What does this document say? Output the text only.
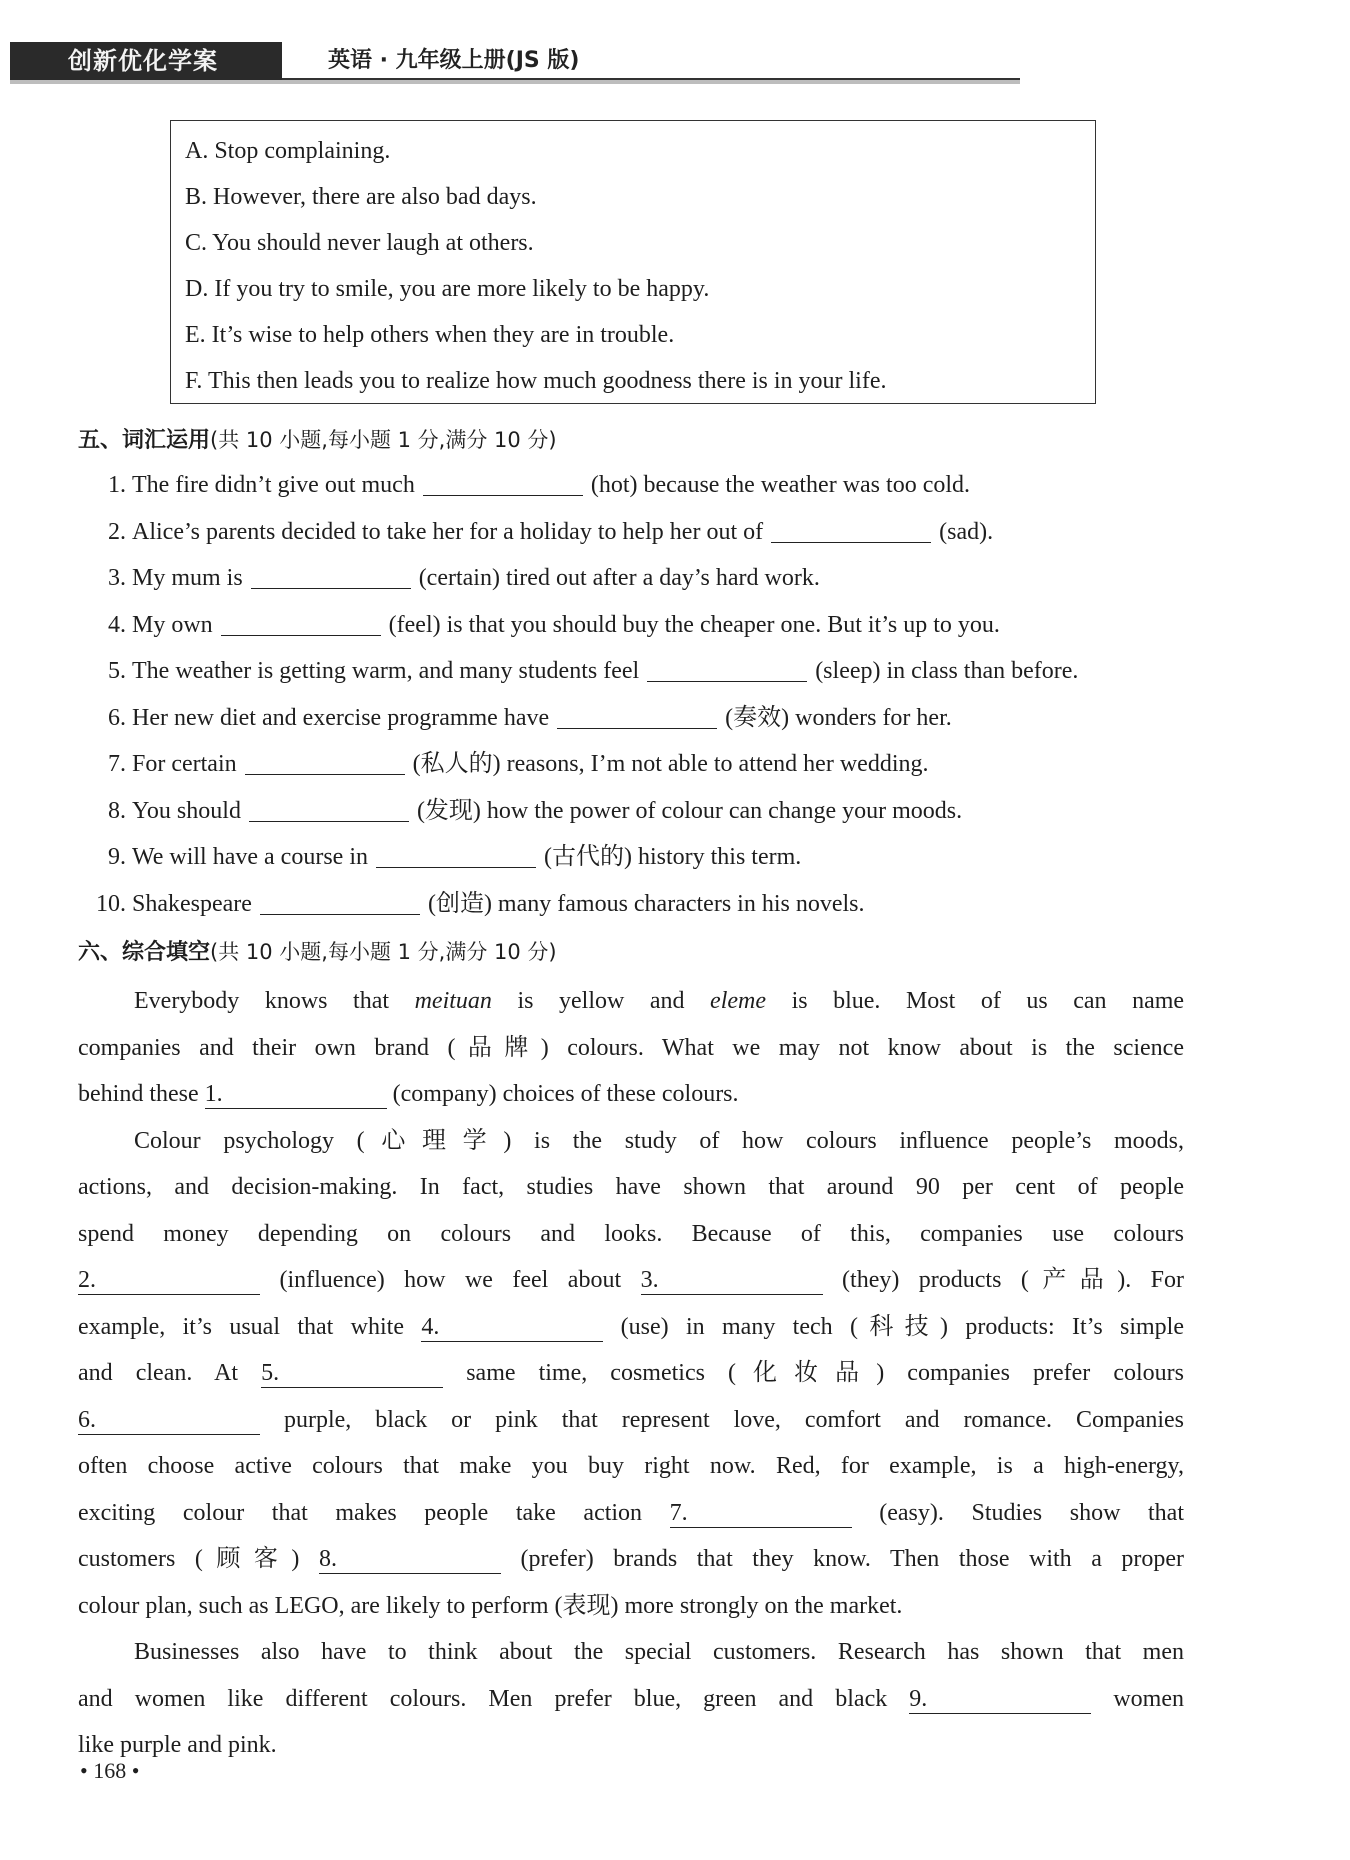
创新优化学案	英语 · 九年级上册(JS 版)
A. Stop complaining.
B. However, there are also bad days.
C. You should never laugh at others.
D. If you try to smile, you are more likely to be happy.
E. It’s wise to help others when they are in trouble.
F. This then leads you to realize how much goodness there is in your life.
五、词汇运用(共 10 小题,每小题 1 分,满分 10 分)
1. The fire didn’t give out much	(hot) because the weather was too cold.
2. Alice’s parents decided to take her for a holiday to help her out of	(sad).
3. My mum is	(certain) tired out after a day’s hard work.
4. My own	(feel) is that you should buy the cheaper one. But it’s up to you.
5. The weather is getting warm, and many students feel	(sleep) in class than before.
6. Her new diet and exercise programme have	(奏效) wonders for her.
7. For certain	(私人的) reasons, I’m not able to attend her wedding.
8. You should	(发现) how the power of colour can change your moods.
9. We will have a course in	(古代的) history this term.
10. Shakespeare	(创造) many famous characters in his novels.
六、综合填空(共 10 小题,每小题 1 分,满分 10 分)
Everybody knows that meituan is yellow and eleme is blue. Most of us can name
companies and their own brand (品牌) colours. What we may not know about is the science
behind these 1.	(company) choices of these colours.
Colour psychology (心理学) is the study of how colours influence people’s moods,
actions, and decision-making. In fact, studies have shown that around 90 per cent of people
spend money depending on colours and looks. Because of this, companies use colours
2.	(influence) how we feel about 3.	(they) products (产品). For
example, it’s usual that white 4.	(use) in many tech (科技) products: It’s simple
and clean. At 5.	same time, cosmetics (化妆品) companies prefer colours
6.	purple, black or pink that represent love, comfort and romance. Companies
often choose active colours that make you buy right now. Red, for example, is a high-energy,
exciting colour that makes people take action 7.	(easy). Studies show that
customers (顾客) 8.	(prefer) brands that they know. Then those with a proper
colour plan, such as LEGO, are likely to perform (表现) more strongly on the market.
Businesses also have to think about the special customers. Research has shown that men
and women like different colours. Men prefer blue, green and black 9.	women
like purple and pink.
• 168 •
